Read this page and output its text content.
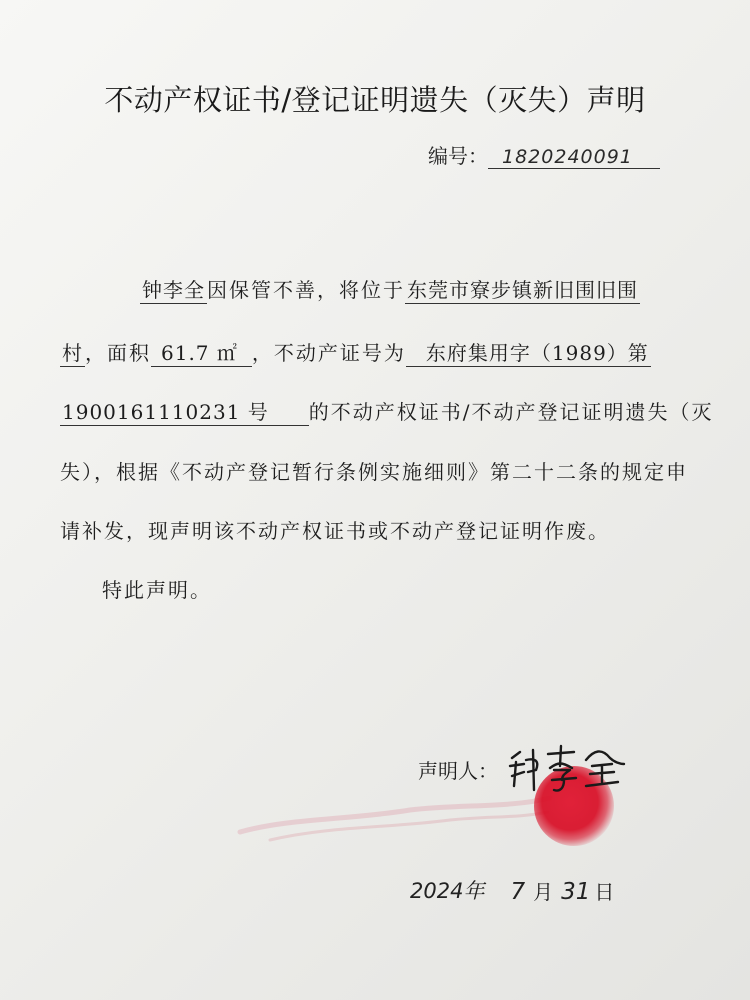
不动产权证书/登记证明遗失（灭失）声明
编号： 1820240091
钟李全 因保管不善，将位于 东莞市寮步镇新旧围旧围
村 ，面积 61.7 ㎡ ，不动产证号为 东府集用字（1989）第
1900161110231 号 的不动产权证书/不动产登记证明遗失（灭
失），根据《不动产登记暂行条例实施细则》第二十二条的规定申
请补发，现声明该不动产权证书或不动产登记证明作废。
特此声明。
声明人：
2024年 7 月 31 日
